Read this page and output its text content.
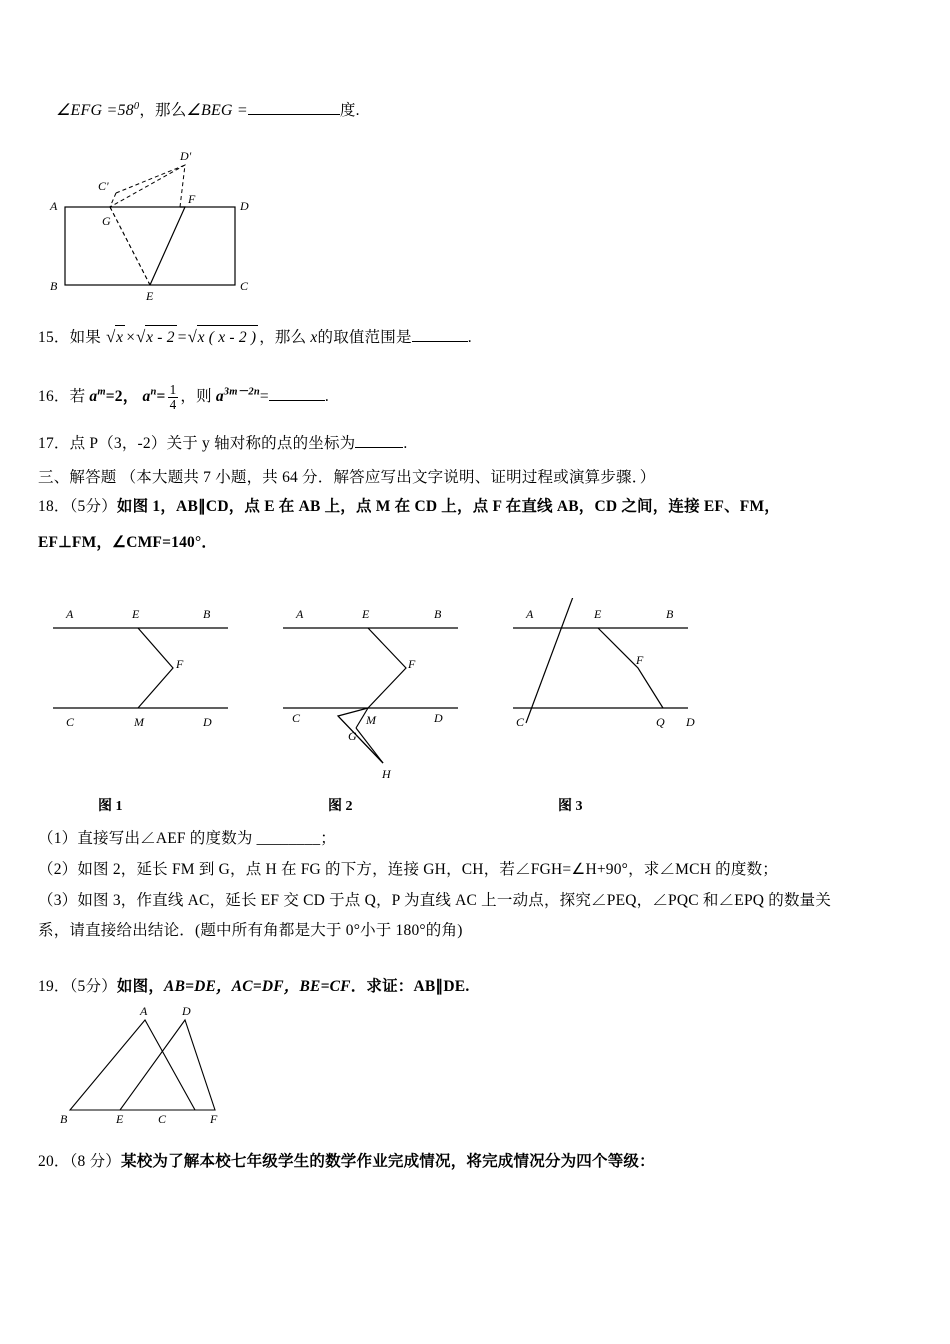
∠EFG $=58^0$，那么∠BEG =	度.
A
B	C
D
E
F
G
C'
D'
15．如果 √ x × √ x - 2 = √ x ( x - 2 ) ，那么 x的取值范围是	.
16．若 $a^m=2$， $a^n= \frac{1}{4}$ ，则 $a^{3m-2n}=$	.
17．点 P（3，-2）关于 y 轴对称的点的坐标为	.
三、解答题 （本大题共 7 小题，共 64 分．解答应写出文字说明、证明过程或演算步骤．）
18．（5分）如图 1，AB∥CD，点 E 在 AB 上，点 M 在 CD 上，点 F 在直线 AB，CD 之间，连接 EF、FM，
EF⊥FM，∠CMF=140°．
A	E	B
C	M	D
F
A	E	B
C	M	D
F
G
H
A	E	B
C	Q D
F
图 1	图 2	图 3
（1）直接写出∠AEF 的度数为 ________；
（2）如图 2，延长 FM 到 G，点 H 在 FG 的下方，连接 GH，CH，若∠FGH=∠H+90°，求∠MCH 的度数；
（3）如图 3，作直线 AC，延长 EF 交 CD 于点 Q，P 为直线 AC 上一动点，探究∠PEQ，∠PQC 和∠EPQ 的数量关
系，请直接给出结论．(题中所有角都是大于 0°小于 180°的角)
19．（5分）如图，AB=DE，AC=DF，BE=CF．求证：AB∥DE.
A	D
B	E	C	F
20．（8 分）某校为了解本校七年级学生的数学作业完成情况，将完成情况分为四个等级：
